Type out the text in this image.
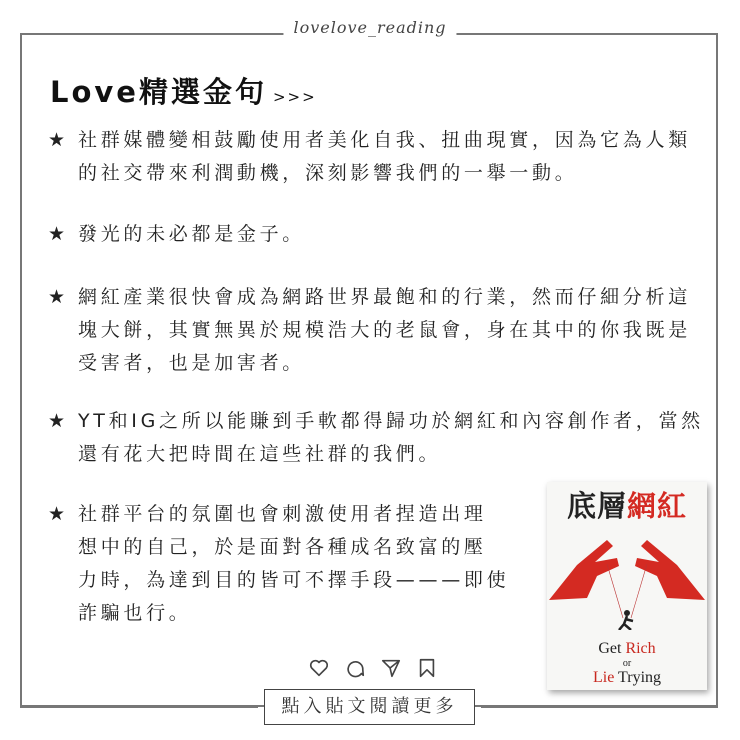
lovelove_reading
Love精選金句 >>>
★ 社群媒體變相鼓勵使用者美化自我、扭曲現實，因為它為人類
的社交帶來利潤動機，深刻影響我們的一舉一動。
★ 發光的未必都是金子。
★ 網紅產業很快會成為網路世界最飽和的行業，然而仔細分析這
塊大餅，其實無異於規模浩大的老鼠會，身在其中的你我既是
受害者，也是加害者。
★ YT和IG之所以能賺到手軟都得歸功於網紅和內容創作者，當然
還有花大把時間在這些社群的我們。
★ 社群平台的氛圍也會刺激使用者捏造出理
想中的自己，於是面對各種成名致富的壓
力時，為達到目的皆可不擇手段———即使
詐騙也行。
底層網紅
Get Rich
or
Lie Trying
點入貼文閱讀更多
